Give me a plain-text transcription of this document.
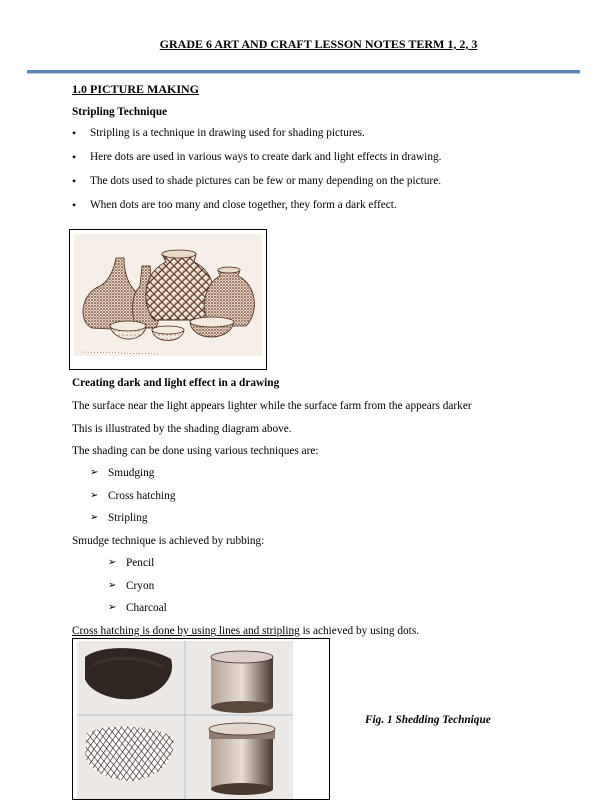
GRADE 6 ART AND CRAFT LESSON NOTES TERM 1, 2, 3
1.0 PICTURE MAKING
Stripling Technique
• Stripling is a technique in drawing used for shading pictures.
• Here dots are used in various ways to create dark and light effects in drawing.
• The dots used to shade pictures can be few or many depending on the picture.
• When dots are too many and close together, they form a dark effect.
Creating dark and light effect in a drawing
The surface near the light appears lighter while the surface farm from the appears darker
This is illustrated by the shading diagram above.
The shading can be done using various techniques are:
➢ Smudging
➢ Cross hatching
➢ Stripling
Smudge technique is achieved by rubbing:
➢ Pencil
➢ Cryon
➢ Charcoal
Cross hatching is done by using lines and stripling is achieved by using dots.
Fig. 1 Shedding Technique
